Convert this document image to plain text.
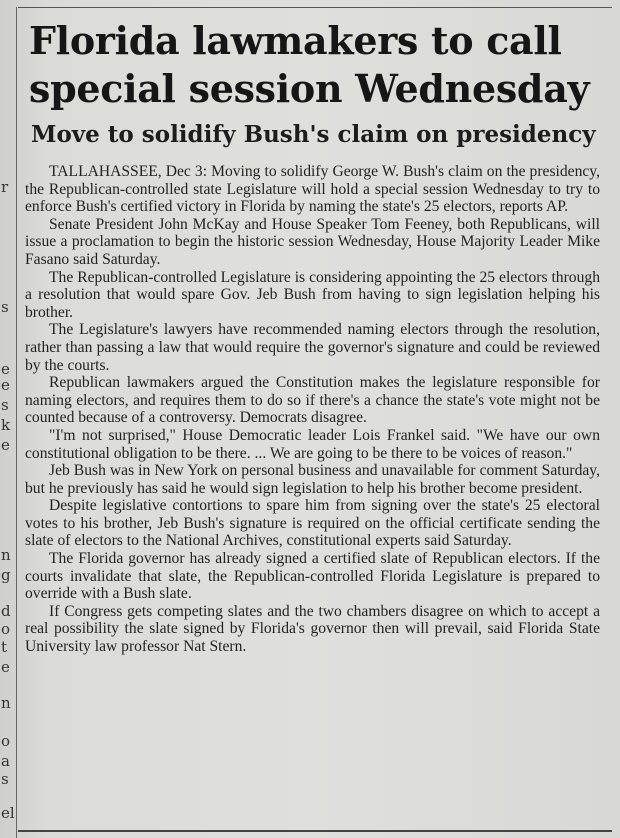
r
s
e
e
s
k
e
n
g
d
o
t
e
n
o
a
s
el
Florida lawmakers to call special session Wednesday
Move to solidify Bush's claim on presidency

TALLAHASSEE, Dec 3: Moving to solidify George W. Bush's claim on the presidency, the Republican-controlled state Legislature will hold a special session Wednesday to try to enforce Bush's certified victory in Florida by naming the state's 25 electors, reports AP.

Senate President John McKay and House Speaker Tom Feeney, both Republicans, will issue a proclamation to begin the historic session Wednesday, House Majority Leader Mike Fasano said Saturday.

The Republican-controlled Legislature is considering appointing the 25 electors through a resolution that would spare Gov. Jeb Bush from having to sign legislation helping his brother.

The Legislature's lawyers have recommended naming electors through the resolution, rather than passing a law that would require the governor's signature and could be reviewed by the courts.

Republican lawmakers argued the Constitution makes the legislature responsible for naming electors, and requires them to do so if there's a chance the state's vote might not be counted because of a controversy. Democrats disagree.

"I'm not surprised," House Democratic leader Lois Frankel said. "We have our own constitutional obligation to be there. ... We are going to be there to be voices of reason."

Jeb Bush was in New York on personal business and unavailable for comment Saturday, but he previously has said he would sign legislation to help his brother become president.

Despite legislative contortions to spare him from signing over the state's 25 electoral votes to his brother, Jeb Bush's signature is required on the official certificate sending the slate of electors to the National Archives, constitutional experts said Saturday.

The Florida governor has already signed a certified slate of Republican electors. If the courts invalidate that slate, the Republican-controlled Florida Legislature is prepared to override with a Bush slate.

If Congress gets competing slates and the two chambers disagree on which to accept a real possibility the slate signed by Florida's governor then will prevail, said Florida State University law professor Nat Stern.
